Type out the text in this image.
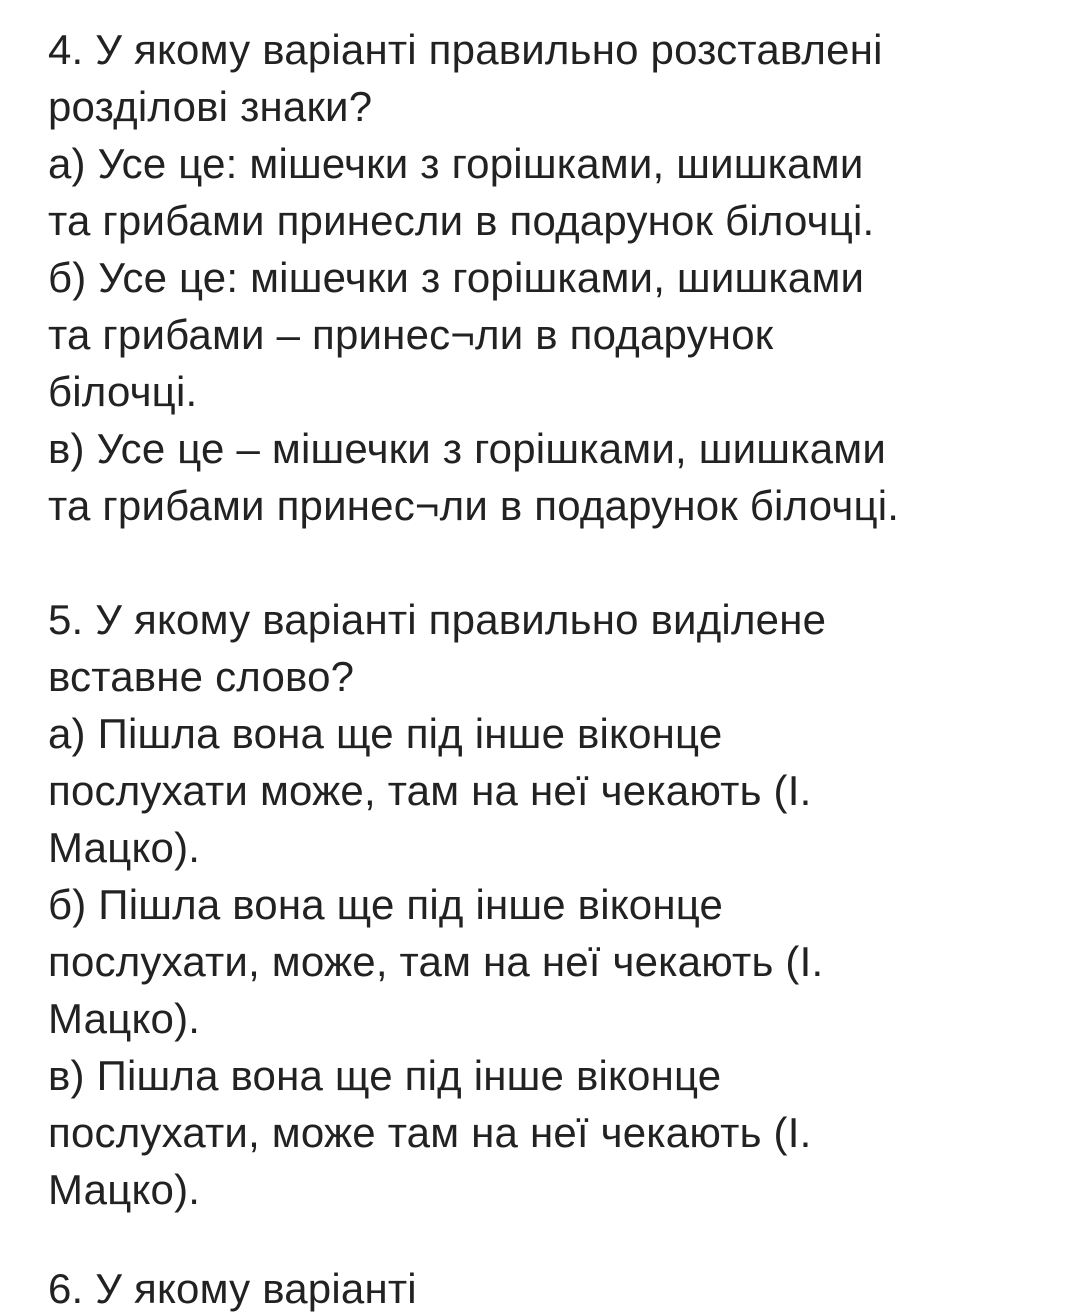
4. У якому варіанті правильно розставлені
розділові знаки?
а) Усе це: мішечки з горішками, шишками
та грибами принесли в подарунок білочці.
б) Усе це: мішечки з горішками, шишками
та грибами – принес¬ли в подарунок
білочці.
в) Усе це – мішечки з горішками, шишками
та грибами принес¬ли в подарунок білочці.
5. У якому варіанті правильно виділене
вставне слово?
а) Пішла вона ще під інше віконце
послухати може, там на неї чекають (І.
Мацко).
б) Пішла вона ще під інше віконце
послухати, може, там на неї чекають (І.
Мацко).
в) Пішла вона ще під інше віконце
послухати, може там на неї чекають (І.
Мацко).
6. У якому варіанті
